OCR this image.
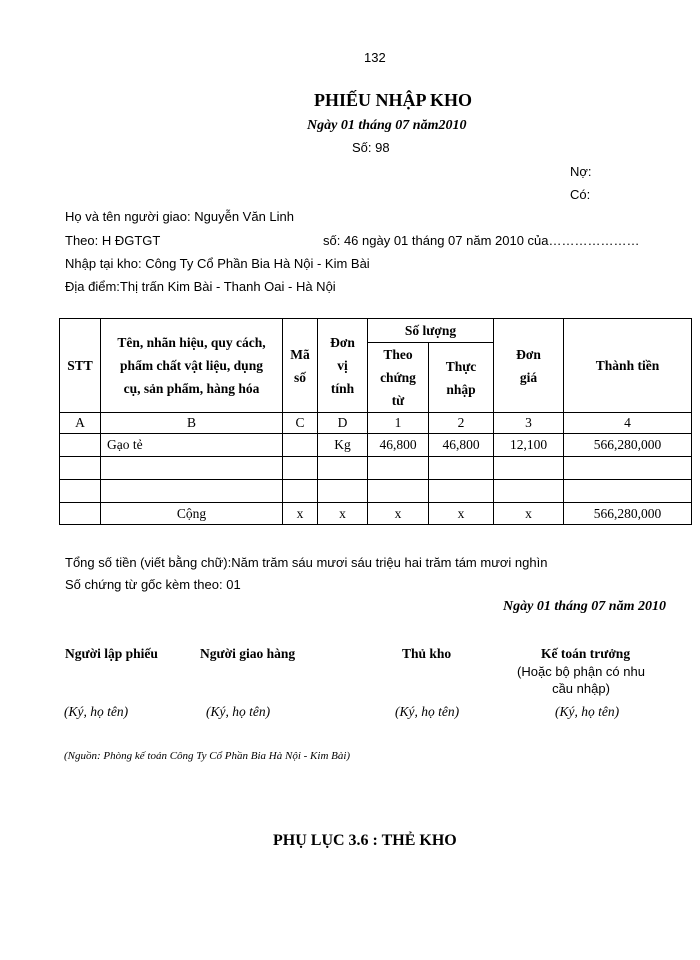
132
PHIẾU NHẬP KHO
Ngày 01 tháng 07 năm2010
Số: 98
Nợ:
Có:
Họ và tên người giao: Nguyễn Văn Linh
Theo: H ĐGTGT	số: 46 ngày 01 tháng 07 năm 2010 của…………………
Nhập tại kho: Công Ty Cổ Phần Bia Hà Nội - Kim Bài
Địa điểm:Thị trấn Kim Bài - Thanh Oai - Hà Nội
STT	Tên, nhãn hiệu, quy cách, phẩm chất vật liệu, dụng cụ, sản phẩm, hàng hóa	Mã số	Đơn vị tính	Số lượng		Đơn giá	Thành tiền
				Theo chứng từ	Thực nhập		
A	B	C	D	1	2	3	4
	Gạo tẻ		Kg	46,800	46,800	12,100	566,280,000

	Cộng	x	x	x	x	x	566,280,000
Tổng số tiền (viết bằng chữ):Năm trăm sáu mươi sáu triệu hai trăm tám mươi nghìn
Số chứng từ gốc kèm theo: 01
Ngày 01 tháng 07 năm 2010
Người lập phiếu	Người giao hàng	Thủ kho	Kế toán trưởng
(Hoặc bộ phận có nhu cầu nhập)
(Ký, họ tên)	(Ký, họ tên)	(Ký, họ tên)	(Ký, họ tên)
(Nguồn: Phòng kế toán Công Ty Cổ Phần Bia Hà Nội - Kim Bài)
PHỤ LỤC 3.6 : THẺ KHO
